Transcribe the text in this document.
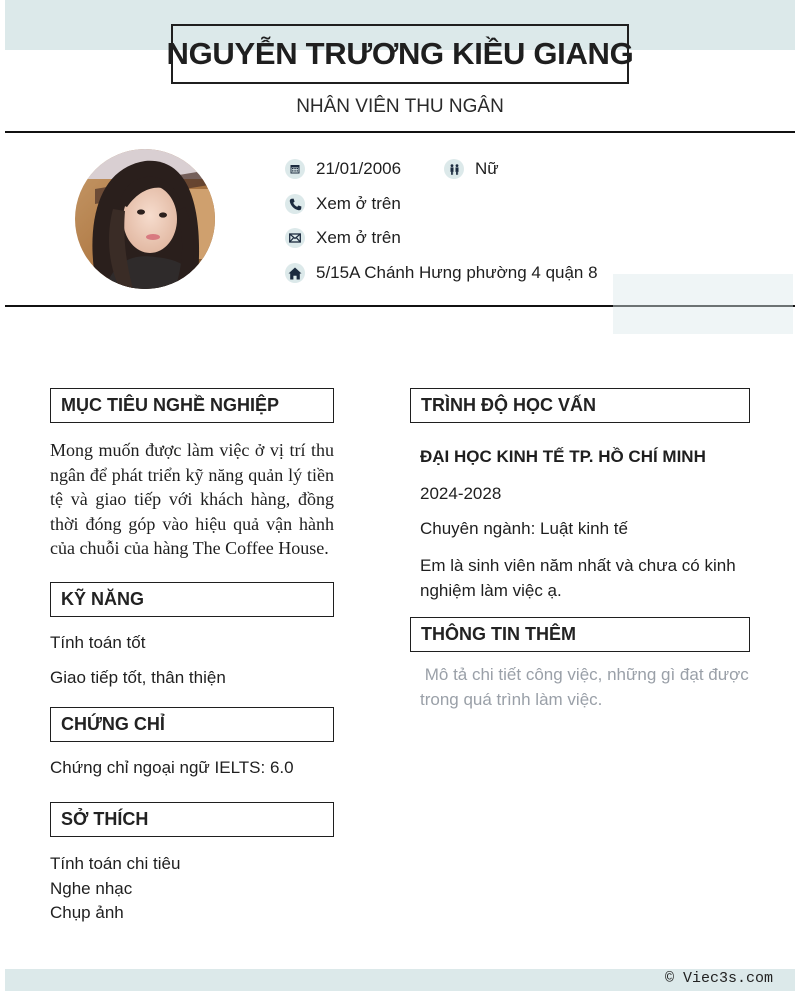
NGUYỄN TRƯƠNG KIỀU GIANG
NHÂN VIÊN THU NGÂN
21/01/2006	Nữ
Xem ở trên
Xem ở trên
5/15A Chánh Hưng phường 4 quận 8
MỤC TIÊU NGHỀ NGHIỆP
Mong muốn được làm việc ở vị trí thu ngân để phát triển kỹ năng quản lý tiền tệ và giao tiếp với khách hàng, đồng thời đóng góp vào hiệu quả vận hành của chuỗi của hàng The Coffee House.
KỸ NĂNG
Tính toán tốt
Giao tiếp tốt, thân thiện
CHỨNG CHỈ
Chứng chỉ ngoại ngữ IELTS: 6.0
SỞ THÍCH
Tính toán chi tiêu
Nghe nhạc
Chụp ảnh
TRÌNH ĐỘ HỌC VẤN
ĐẠI HỌC KINH TẾ TP. HỒ CHÍ MINH
2024-2028
Chuyên ngành: Luật kinh tế
Em là sinh viên năm nhất và chưa có kinh nghiệm làm việc ạ.
THÔNG TIN THÊM
Mô tả chi tiết công việc, những gì đạt được trong quá trình làm việc.
© Viec3s.com
